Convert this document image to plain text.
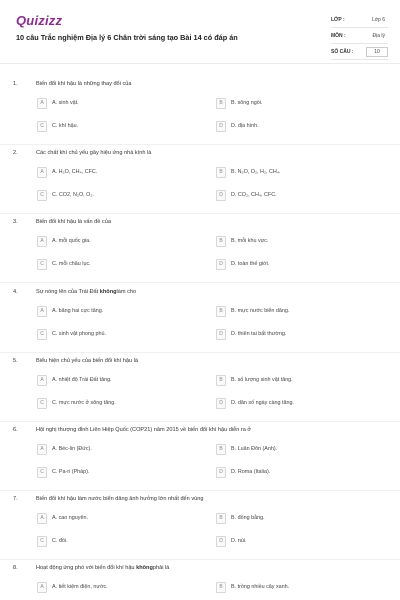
Quizizz
10 câu Trắc nghiệm Địa lý 6 Chân trời sáng tạo Bài 14 có đáp án
LỚP :	Lớp 6
MÔN :	Địa lý
SỐ CÂU :	10
1.	Biến đổi khí hậu là những thay đổi của
A	A. sinh vật.	B	B. sông ngòi.
C	C. khí hậu.	D	D. địa hình.
2.	Các chất khí chủ yếu gây hiệu ứng nhà kính là
A	A. H₂O, CH₄, CFC.	B	B. N₂O, O₂, H₂, CH₄.
C	C. CO2, N₂O, O₂.	D	D. CO₂, CH₄, CFC.
3.	Biến đổi khí hậu là vấn đề của
A	A. mỗi quốc gia.	B	B. mỗi khu vực.
C	C. mỗi châu lục.	D	D. toàn thế giới.
4.	Sự nóng lên của Trái Đất khônglàm cho
A	A. băng hai cực tăng.	B	B. mực nước biển dâng.
C	C. sinh vật phong phú.	D	D. thiên tai bất thường.
5.	Biểu hiện chủ yếu của biến đổi khí hậu là
A	A. nhiệt độ Trái Đất tăng.	B	B. số lượng sinh vật tăng.
C	C. mực nước ở sông tăng.	D	D. dân số ngày càng tăng.
6.	Hội nghị thượng đỉnh Liên Hiệp Quốc (COP21) năm 2015 về biến đổi khí hậu diễn ra ở
A	A. Béc-lin (Đức).	B	B. Luân Đôn (Anh).
C	C. Pa-ri (Pháp).	D	D. Roma (Italia).
7.	Biến đổi khí hậu làm nước biển dâng ảnh hưởng lớn nhất đến vùng
A	A. cao nguyên.	B	B. đồng bằng.
C	C. đồi.	D	D. núi.
8.	Hoạt động ứng phó với biến đổi khí hậu khôngphải là
A	A. tiết kiệm điện, nước.	B	B. trồng nhiều cây xanh.
